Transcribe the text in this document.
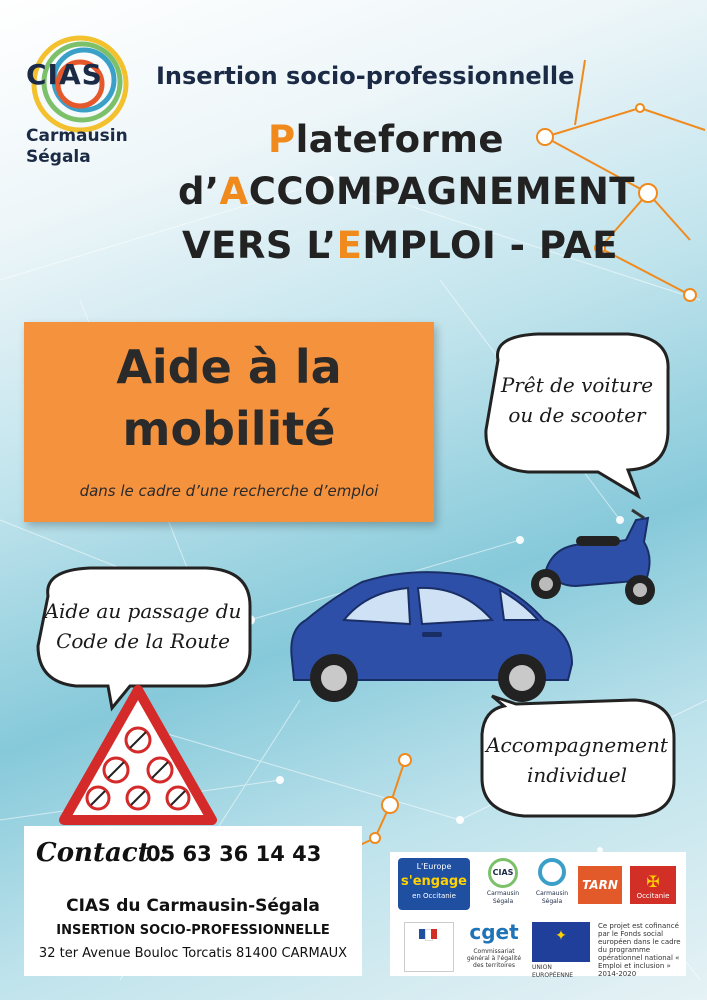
CIAS
Carmausin
Ségala
Insertion socio-professionnelle
Plateforme
d’ACCOMPAGNEMENT
VERS L’EMPLOI - PAE
Aide à la
mobilité
dans le cadre d’une recherche d’emploi
Prêt de voiture
ou de scooter
Aide au passage du
Code de la Route
Accompagnement
individuel
Contact :
05 63 36 14 43
CIAS du Carmausin-Ségala
INSERTION SOCIO-PROFESSIONNELLE
32 ter Avenue Bouloc Torcatis 81400 CARMAUX
L'Europe
s'engage
en Occitanie
CIAS
Carmausin
Ségala
Carmausin
Ségala
TARN	✠
Occitanie
cget
Commissariat général à l'égalité des territoires
✦
UNION EUROPÉENNE
Ce projet est cofinancé par le Fonds social européen dans le cadre du programme opérationnel national « Emploi et inclusion » 2014-2020
